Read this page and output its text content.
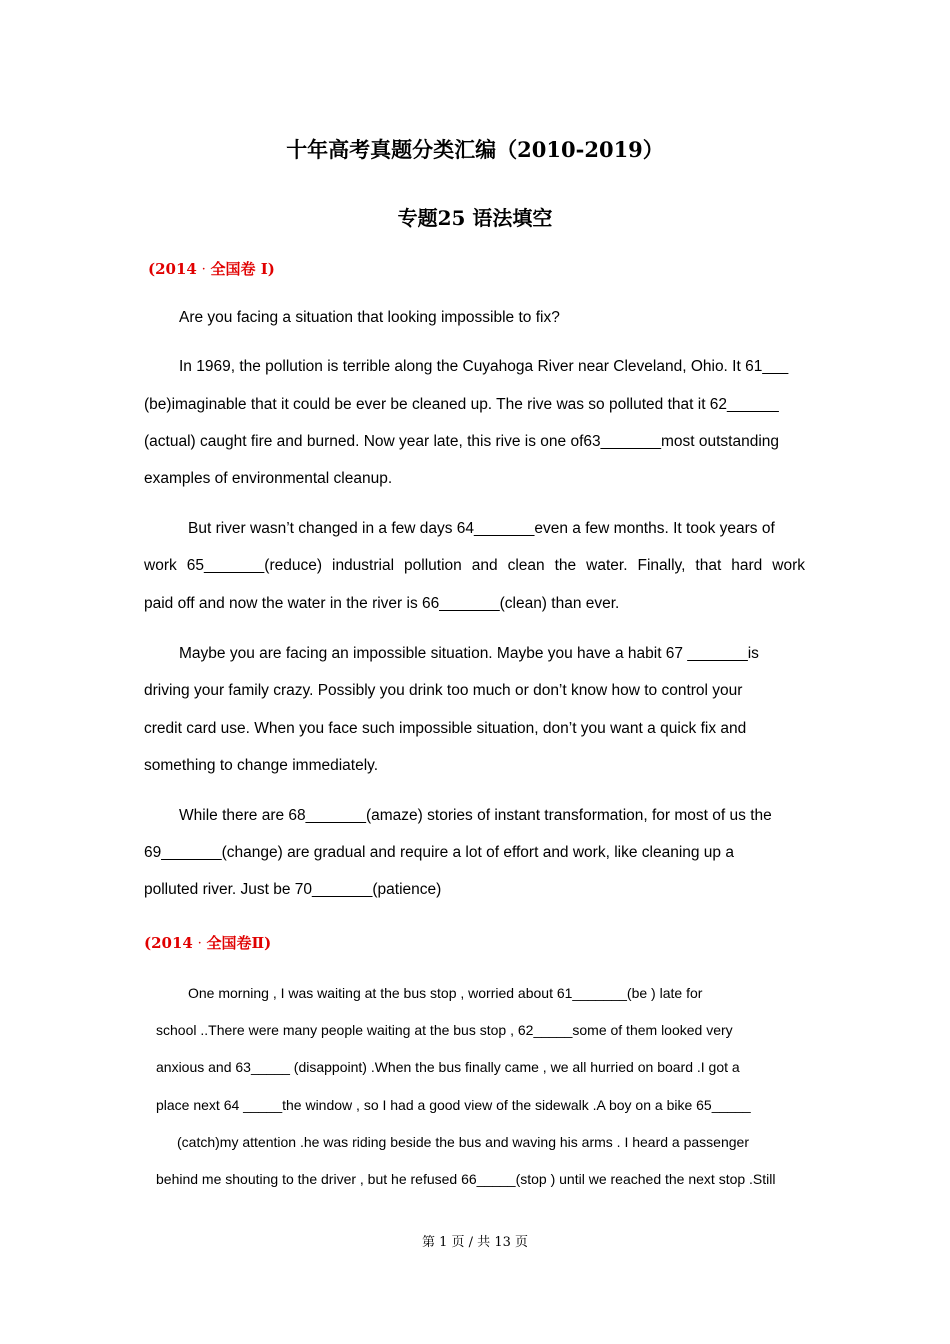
十年高考真题分类汇编（2010-2019）
专题25 语法填空
(2014 · 全国卷 I)
Are you facing a situation that looking impossible to fix?
In 1969, the pollution is terrible along the Cuyahoga River near Cleveland, Ohio. It 61___
(be)imaginable that it could be ever be cleaned up. The rive was so polluted that it 62______
(actual) caught fire and burned. Now year late, this rive is one of63_______most outstanding
examples of environmental cleanup.
But river wasn’t changed in a few days 64_______even a few months. It took years of
work 65_______(reduce) industrial pollution and clean the water. Finally, that hard work
paid off and now the water in the river is 66_______(clean) than ever.
Maybe you are facing an impossible situation. Maybe you have a habit 67 _______is
driving your family crazy. Possibly you drink too much or don’t know how to control your
credit card use. When you face such impossible situation, don’t you want a quick fix and
something to change immediately.
While there are 68_______(amaze) stories of instant transformation, for most of us the
69_______(change) are gradual and require a lot of effort and work, like cleaning up a
polluted river. Just be 70_______(patience)
(2014 · 全国卷Ⅱ)
One morning , I was waiting at the bus stop , worried about 61_______(be ) late for
school ..There were many people waiting at the bus stop , 62_____some of them looked very
anxious and 63_____ (disappoint) .When the bus finally came , we all hurried on board .I got a
place next 64 _____the window , so I had a good view of the sidewalk .A boy on a bike 65_____
(catch)my attention .he was riding beside the bus and waving his arms . I heard a passenger
behind me shouting to the driver , but he refused 66_____(stop ) until we reached the next stop .Still
第 1 页 / 共 13 页
